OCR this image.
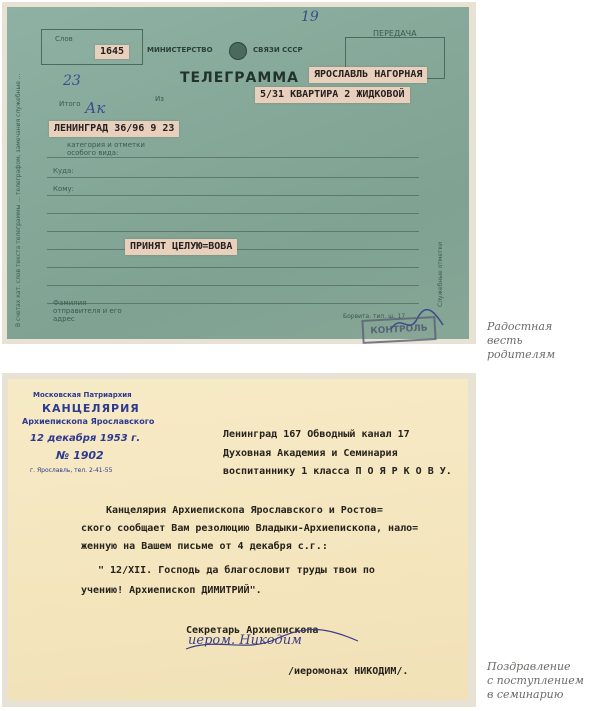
В счетах кат. слов текста телеграммы ... телеграфом, замечания служебные ...	Служебные отметки
Слов
1645	МИНИСТЕРСТВО	СВЯЗИ СССР
ПЕРЕДАЧА
ТЕЛЕГРАММА
19
23
Ак	Из
Итого
ЯРОСЛАВЛЬ НАГОРНАЯ
5/31 КВАРТИРА 2 ЖИДКОВОЙ
ЛЕНИНГРАД 36/96 9 23
категория и отметки особого вида:
Куда:
Кому:
ПРИНЯТ ЦЕЛУЮ=ВОВА
Фамилия отправителя и его адрес	Борвита. тип. ш. 17
КОНТРОЛЬ	Радостная
весть родителям
Московская Патриархия
КАНЦЕЛЯРИЯ
Архиепископа Ярославского
12 декабря 1953 г.
№ 1902
г. Ярославль, тел. 2-41-55
Ленинград 167 Обводный канал 17
Духовная Академия и Семинария
воспитаннику 1 класса П О Я Р К О В У.
Канцелярия Архиепископа Ярославского и Ростов=
ского сообщает Вам резолюцию Владыки-Архиепископа, нало=
женную на Вашем письме от 4 декабря с.г.:
" 12/XII. Господь да благословит труды твои по
учению! Архиепископ ДИМИТРИЙ".
Секретарь Архиепископа
иером. Никодим
/иеромонах НИКОДИМ/.	Поздравление
с поступлением
в семинарию
